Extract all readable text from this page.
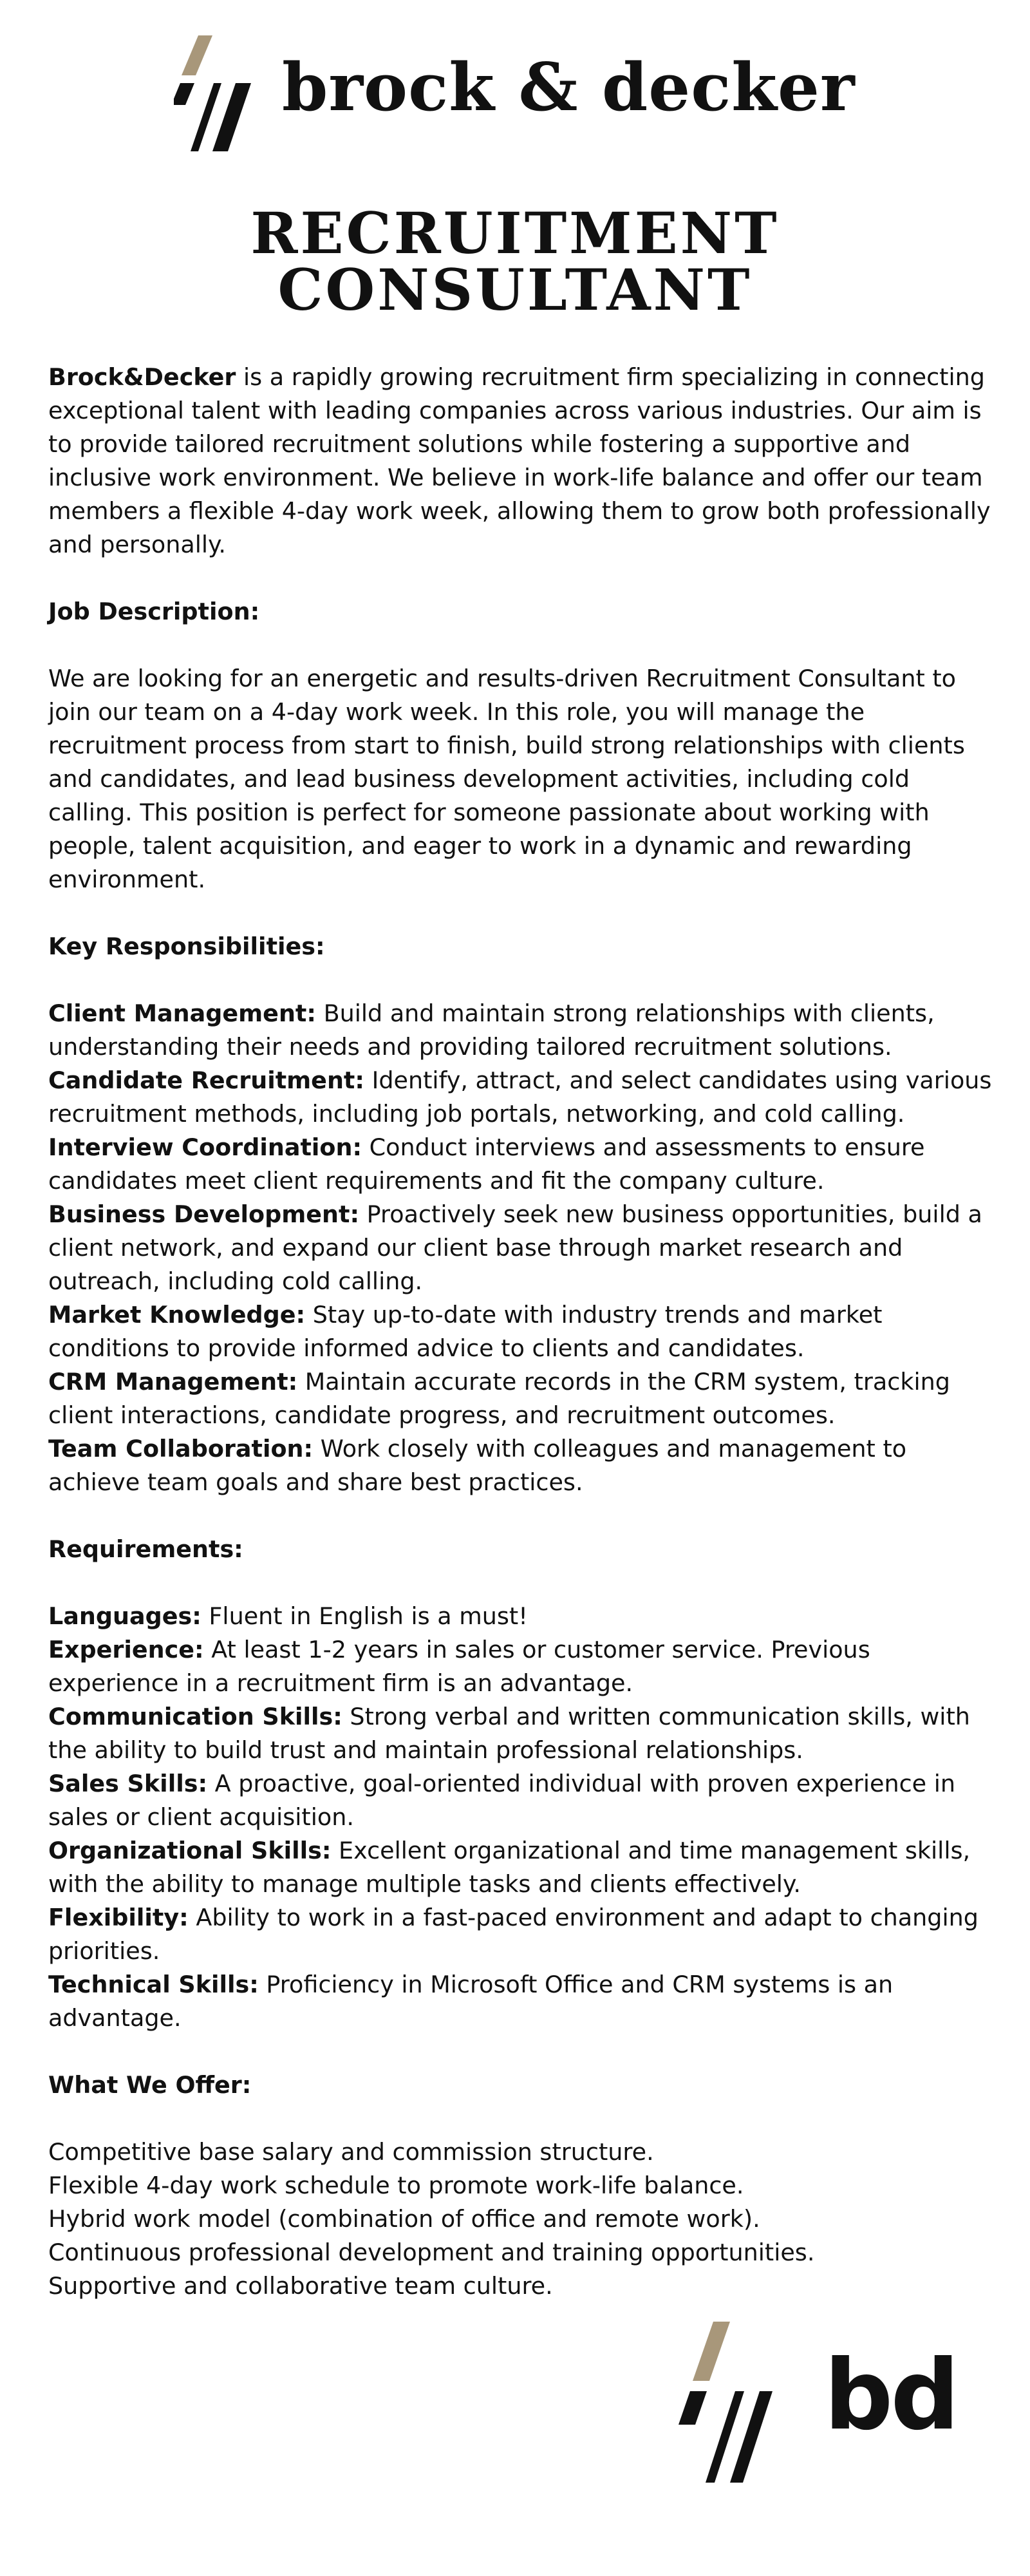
brock & decker
RECRUITMENT
CONSULTANT

Brock&Decker is a rapidly growing recruitment firm specializing in connecting exceptional talent with leading companies across various industries. Our aim is to provide tailored recruitment solutions while fostering a supportive and inclusive work environment. We believe in work-life balance and offer our team members a flexible 4-day work week, allowing them to grow both professionally and personally.

Job Description:

We are looking for an energetic and results-driven Recruitment Consultant to join our team on a 4-day work week. In this role, you will manage the recruitment process from start to finish, build strong relationships with clients and candidates, and lead business development activities, including cold calling. This position is perfect for someone passionate about working with people, talent acquisition, and eager to work in a dynamic and rewarding environment.

Key Responsibilities:

Client Management: Build and maintain strong relationships with clients, understanding their needs and providing tailored recruitment solutions.

Candidate Recruitment: Identify, attract, and select candidates using various recruitment methods, including job portals, networking, and cold calling.

Interview Coordination: Conduct interviews and assessments to ensure candidates meet client requirements and fit the company culture.

Business Development: Proactively seek new business opportunities, build a client network, and expand our client base through market research and outreach, including cold calling.

Market Knowledge: Stay up-to-date with industry trends and market conditions to provide informed advice to clients and candidates.

CRM Management: Maintain accurate records in the CRM system, tracking client interactions, candidate progress, and recruitment outcomes.

Team Collaboration: Work closely with colleagues and management to achieve team goals and share best practices.

Requirements:

Languages: Fluent in English is a must!

Experience: At least 1-2 years in sales or customer service. Previous experience in a recruitment firm is an advantage.

Communication Skills: Strong verbal and written communication skills, with the ability to build trust and maintain professional relationships.

Sales Skills: A proactive, goal-oriented individual with proven experience in sales or client acquisition.

Organizational Skills: Excellent organizational and time management skills, with the ability to manage multiple tasks and clients effectively.

Flexibility: Ability to work in a fast-paced environment and adapt to changing priorities.

Technical Skills: Proficiency in Microsoft Office and CRM systems is an advantage.

What We Offer:

Competitive base salary and commission structure.

Flexible 4-day work schedule to promote work-life balance.

Hybrid work model (combination of office and remote work).

Continuous professional development and training opportunities.

Supportive and collaborative team culture.

bd
